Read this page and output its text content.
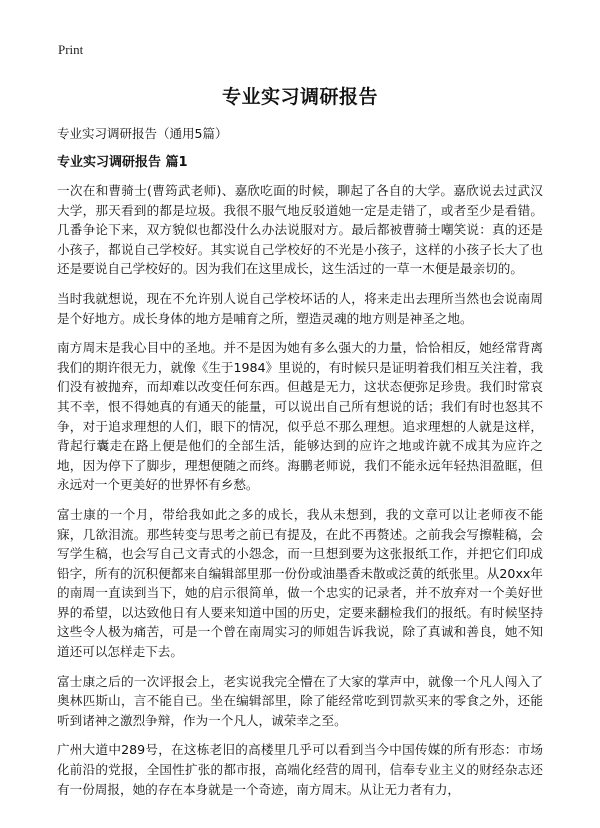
Print
专业实习调研报告

专业实习调研报告（通用5篇）

专业实习调研报告 篇1

一次在和曹骑士(曹筠武老师)、嘉欣吃面的时候，聊起了各自的大学。嘉欣说去过武汉大学，那天看到的都是垃圾。我很不服气地反驳道她一定是走错了，或者至少是看错。几番争论下来，双方貌似也都没什么办法说服对方。最后都被曹骑士嘲笑说：真的还是小孩子，都说自己学校好。其实说自己学校好的不光是小孩子，这样的小孩子长大了也还是要说自己学校好的。因为我们在这里成长，这生活过的一草一木便是最亲切的。

当时我就想说，现在不允许别人说自己学校坏话的人，将来走出去理所当然也会说南周是个好地方。成长身体的地方是哺育之所，塑造灵魂的地方则是神圣之地。

南方周末是我心目中的圣地。并不是因为她有多么强大的力量，恰恰相反，她经常背离我们的期许很无力，就像《生于1984》里说的，有时候只是证明着我们相互关注着，我们没有被抛弃，而却难以改变任何东西。但越是无力，这状态便弥足珍贵。我们时常哀其不幸，恨不得她真的有通天的能量，可以说出自己所有想说的话；我们有时也怒其不争，对于追求理想的人们，眼下的情况，似乎总不那么理想。追求理想的人就是这样，背起行囊走在路上便是他们的全部生活，能够达到的应许之地或许就不成其为应许之地，因为停下了脚步，理想便随之而终。海鹏老师说，我们不能永远年轻热泪盈眶，但永远对一个更美好的世界怀有乡愁。

富士康的一个月，带给我如此之多的成长，我从未想到，我的文章可以让老师夜不能寐，几欲泪流。那些转变与思考之前已有提及，在此不再赘述。之前我会写擦鞋稿，会写学生稿，也会写自己文青式的小怨念，而一旦想到要为这张报纸工作，并把它们印成铅字，所有的沉积便都来自编辑部里那一份份或油墨香未散或泛黄的纸张里。从20xx年的南周一直读到当下，她的启示很简单，做一个忠实的记录者，并不放弃对一个美好世界的希望，以达致他日有人要来知道中国的历史，定要来翻检我们的报纸。有时候坚持这些令人极为痛苦，可是一个曾在南周实习的师姐告诉我说，除了真诚和善良，她不知道还可以怎样走下去。

富士康之后的一次评报会上，老实说我完全懵在了大家的掌声中，就像一个凡人闯入了奥林匹斯山，言不能自已。坐在编辑部里，除了能经常吃到罚款买来的零食之外，还能听到诸神之激烈争辩，作为一个凡人，诚荣幸之至。

广州大道中289号，在这栋老旧的高楼里几乎可以看到当今中国传媒的所有形态：市场化前沿的党报，全国性扩张的都市报，高端化经营的周刊，信奉专业主义的财经杂志还有一份周报，她的存在本身就是一个奇迹，南方周末。从让无力者有力，
